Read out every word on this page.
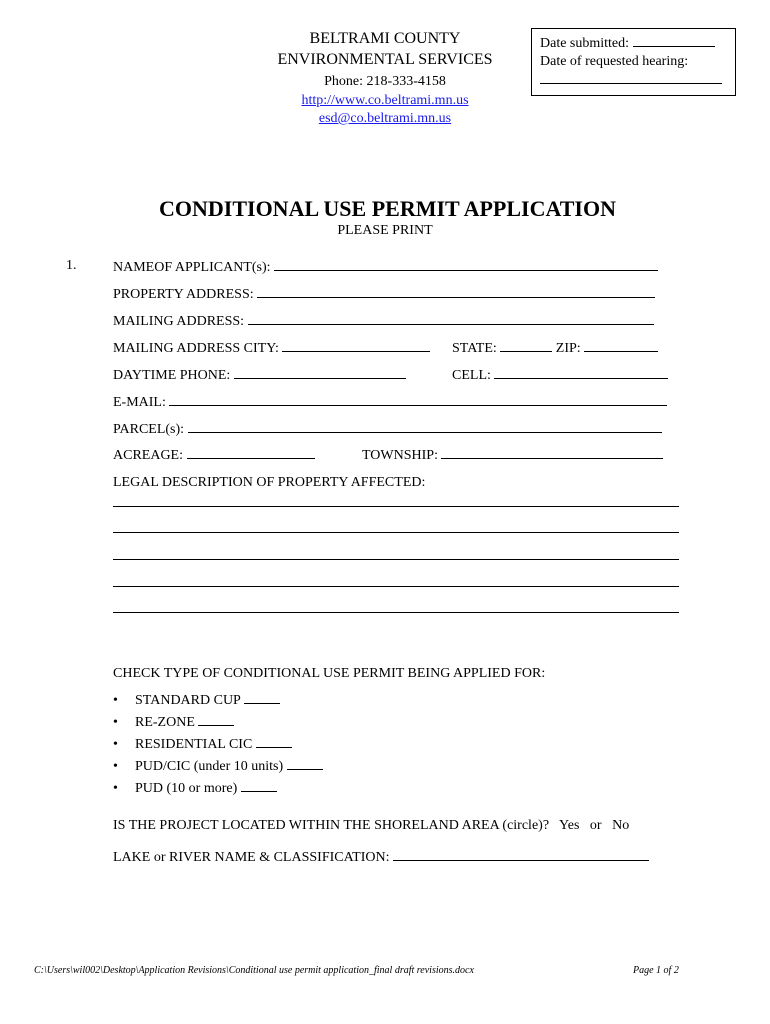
BELTRAMI COUNTY
ENVIRONMENTAL SERVICES
Phone: 218-333-4158
http://www.co.beltrami.mn.us
esd@co.beltrami.mn.us
Date submitted:
Date of requested hearing:
CONDITIONAL USE PERMIT APPLICATION
PLEASE PRINT
1.	NAMEOF APPLICANT(s):
PROPERTY ADDRESS:
MAILING ADDRESS:
MAILING ADDRESS CITY:	STATE:	ZIP:
DAYTIME PHONE:	CELL:
E-MAIL:
PARCEL(s):
ACREAGE:	TOWNSHIP:
LEGAL DESCRIPTION OF PROPERTY AFFECTED:
CHECK TYPE OF CONDITIONAL USE PERMIT BEING APPLIED FOR:
• STANDARD CUP
• RE-ZONE
• RESIDENTIAL CIC
• PUD/CIC (under 10 units)
• PUD (10 or more)
IS THE PROJECT LOCATED WITHIN THE SHORELAND AREA (circle)? Yes or No
LAKE or RIVER NAME & CLASSIFICATION:
C:\Users\wil002\Desktop\Application Revisions\Conditional use permit application_final draft revisions.docx	Page 1 of 2
